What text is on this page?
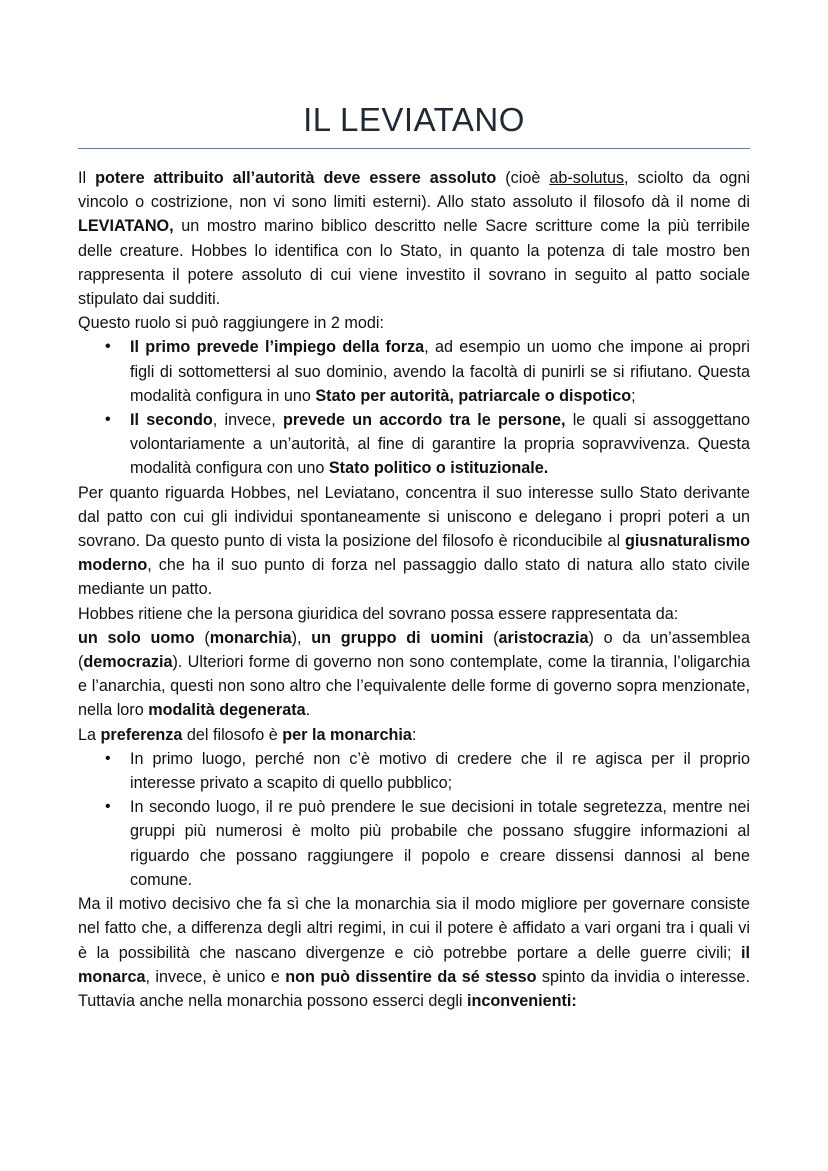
IL LEVIATANO

Il potere attribuito all’autorità deve essere assoluto (cioè ab-solutus, sciolto da ogni vincolo o costrizione, non vi sono limiti esterni). Allo stato assoluto il filosofo dà il nome di LEVIATANO, un mostro marino biblico descritto nelle Sacre scritture come la più terribile delle creature. Hobbes lo identifica con lo Stato, in quanto la potenza di tale mostro ben rappresenta il potere assoluto di cui viene investito il sovrano in seguito al patto sociale stipulato dai sudditi.

Questo ruolo si può raggiungere in 2 modi:

• Il primo prevede l’impiego della forza, ad esempio un uomo che impone ai propri figli di sottomettersi al suo dominio, avendo la facoltà di punirli se si rifiutano. Questa modalità configura in uno Stato per autorità, patriarcale o dispotico;
• Il secondo, invece, prevede un accordo tra le persone, le quali si assoggettano volontariamente a un’autorità, al fine di garantire la propria sopravvivenza. Questa modalità configura con uno Stato politico o istituzionale.

Per quanto riguarda Hobbes, nel Leviatano, concentra il suo interesse sullo Stato derivante dal patto con cui gli individui spontaneamente si uniscono e delegano i propri poteri a un sovrano. Da questo punto di vista la posizione del filosofo è riconducibile al giusnaturalismo moderno, che ha il suo punto di forza nel passaggio dallo stato di natura allo stato civile mediante un patto.

Hobbes ritiene che la persona giuridica del sovrano possa essere rappresentata da:

un solo uomo (monarchia), un gruppo di uomini (aristocrazia) o da un’assemblea (democrazia). Ulteriori forme di governo non sono contemplate, come la tirannia, l’oligarchia e l’anarchia, questi non sono altro che l’equivalente delle forme di governo sopra menzionate, nella loro modalità degenerata.

La preferenza del filosofo è per la monarchia:

• In primo luogo, perché non c’è motivo di credere che il re agisca per il proprio interesse privato a scapito di quello pubblico;
• In secondo luogo, il re può prendere le sue decisioni in totale segretezza, mentre nei gruppi più numerosi è molto più probabile che possano sfuggire informazioni al riguardo che possano raggiungere il popolo e creare dissensi dannosi al bene comune.

Ma il motivo decisivo che fa sì che la monarchia sia il modo migliore per governare consiste nel fatto che, a differenza degli altri regimi, in cui il potere è affidato a vari organi tra i quali vi è la possibilità che nascano divergenze e ciò potrebbe portare a delle guerre civili; il monarca, invece, è unico e non può dissentire da sé stesso spinto da invidia o interesse. Tuttavia anche nella monarchia possono esserci degli inconvenienti:
